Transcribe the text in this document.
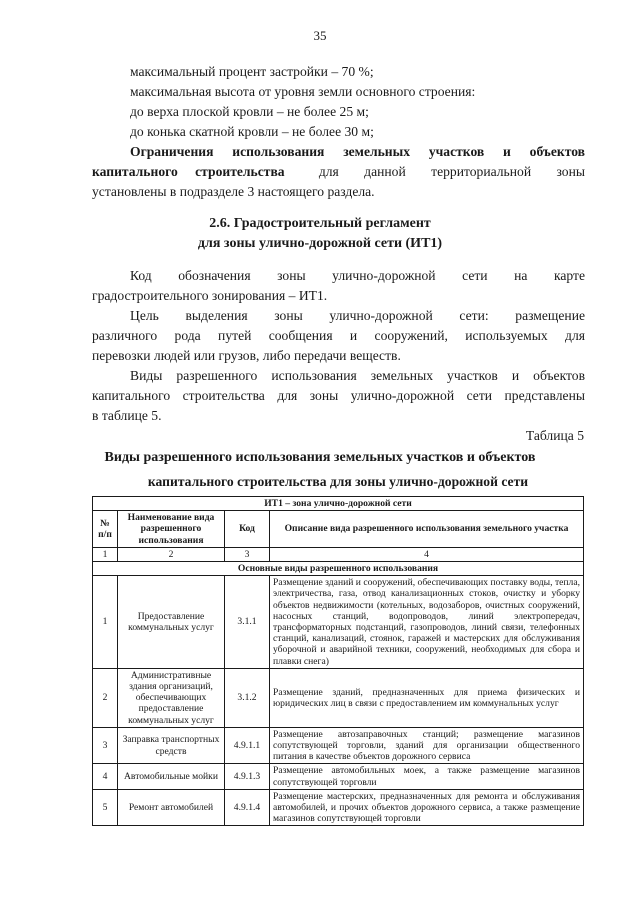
35
максимальный процент застройки – 70 %;
максимальная высота от уровня земли основного строения:
до верха плоской кровли – не более 25 м;
до конька скатной кровли – не более 30 м;
Ограничения использования земельных участков и объектов
капитального строительства	для данной территориальной зоны
установлены в подразделе 3 настоящего раздела.
2.6. Градостроительный регламент
для зоны улично-дорожной сети (ИТ1)
Код обозначения зоны улично-дорожной сети на карте
градостроительного зонирования – ИТ1.
Цель выделения зоны улично-дорожной сети: размещение
различного рода путей сообщения и сооружений, используемых для
перевозки людей или грузов, либо передачи веществ.
Виды разрешенного использования земельных участков и объектов
капитального строительства для зоны улично-дорожной сети представлены
в таблице 5.
Таблица 5
Виды разрешенного использования земельных участков и объектов
капитального строительства для зоны улично-дорожной сети			
ИТ1 – зона улично-дорожной сети			
№ п/п	Наименование вида разрешенного использования	Код	Описание вида разрешенного использования земельного участка
1	2	3	4
Основные виды разрешенного использования			
1	Предоставление коммунальных услуг	3.1.1	Размещение зданий и сооружений, обеспечивающих поставку воды, тепла, электричества, газа, отвод канализационных стоков, очистку и уборку объектов недвижимости (котельных, водозаборов, очистных сооружений, насосных станций, водопроводов, линий электропередач, трансформаторных подстанций, газопроводов, линий связи, телефонных станций, канализаций, стоянок, гаражей и мастерских для обслуживания уборочной и аварийной техники, сооружений, необходимых для сбора и плавки снега)
2	Административные здания организаций, обеспечивающих предоставление коммунальных услуг	3.1.2	Размещение зданий, предназначенных для приема физических и юридических лиц в связи с предоставлением им коммунальных услуг
3	Заправка транспортных средств	4.9.1.1	Размещение автозаправочных станций; размещение магазинов сопутствующей торговли, зданий для организации общественного питания в качестве объектов дорожного сервиса
4	Автомобильные мойки	4.9.1.3	Размещение автомобильных моек, а также размещение магазинов сопутствующей торговли
5	Ремонт автомобилей	4.9.1.4	Размещение мастерских, предназначенных для ремонта и обслуживания автомобилей, и прочих объектов дорожного сервиса, а также размещение магазинов сопутствующей торговли
